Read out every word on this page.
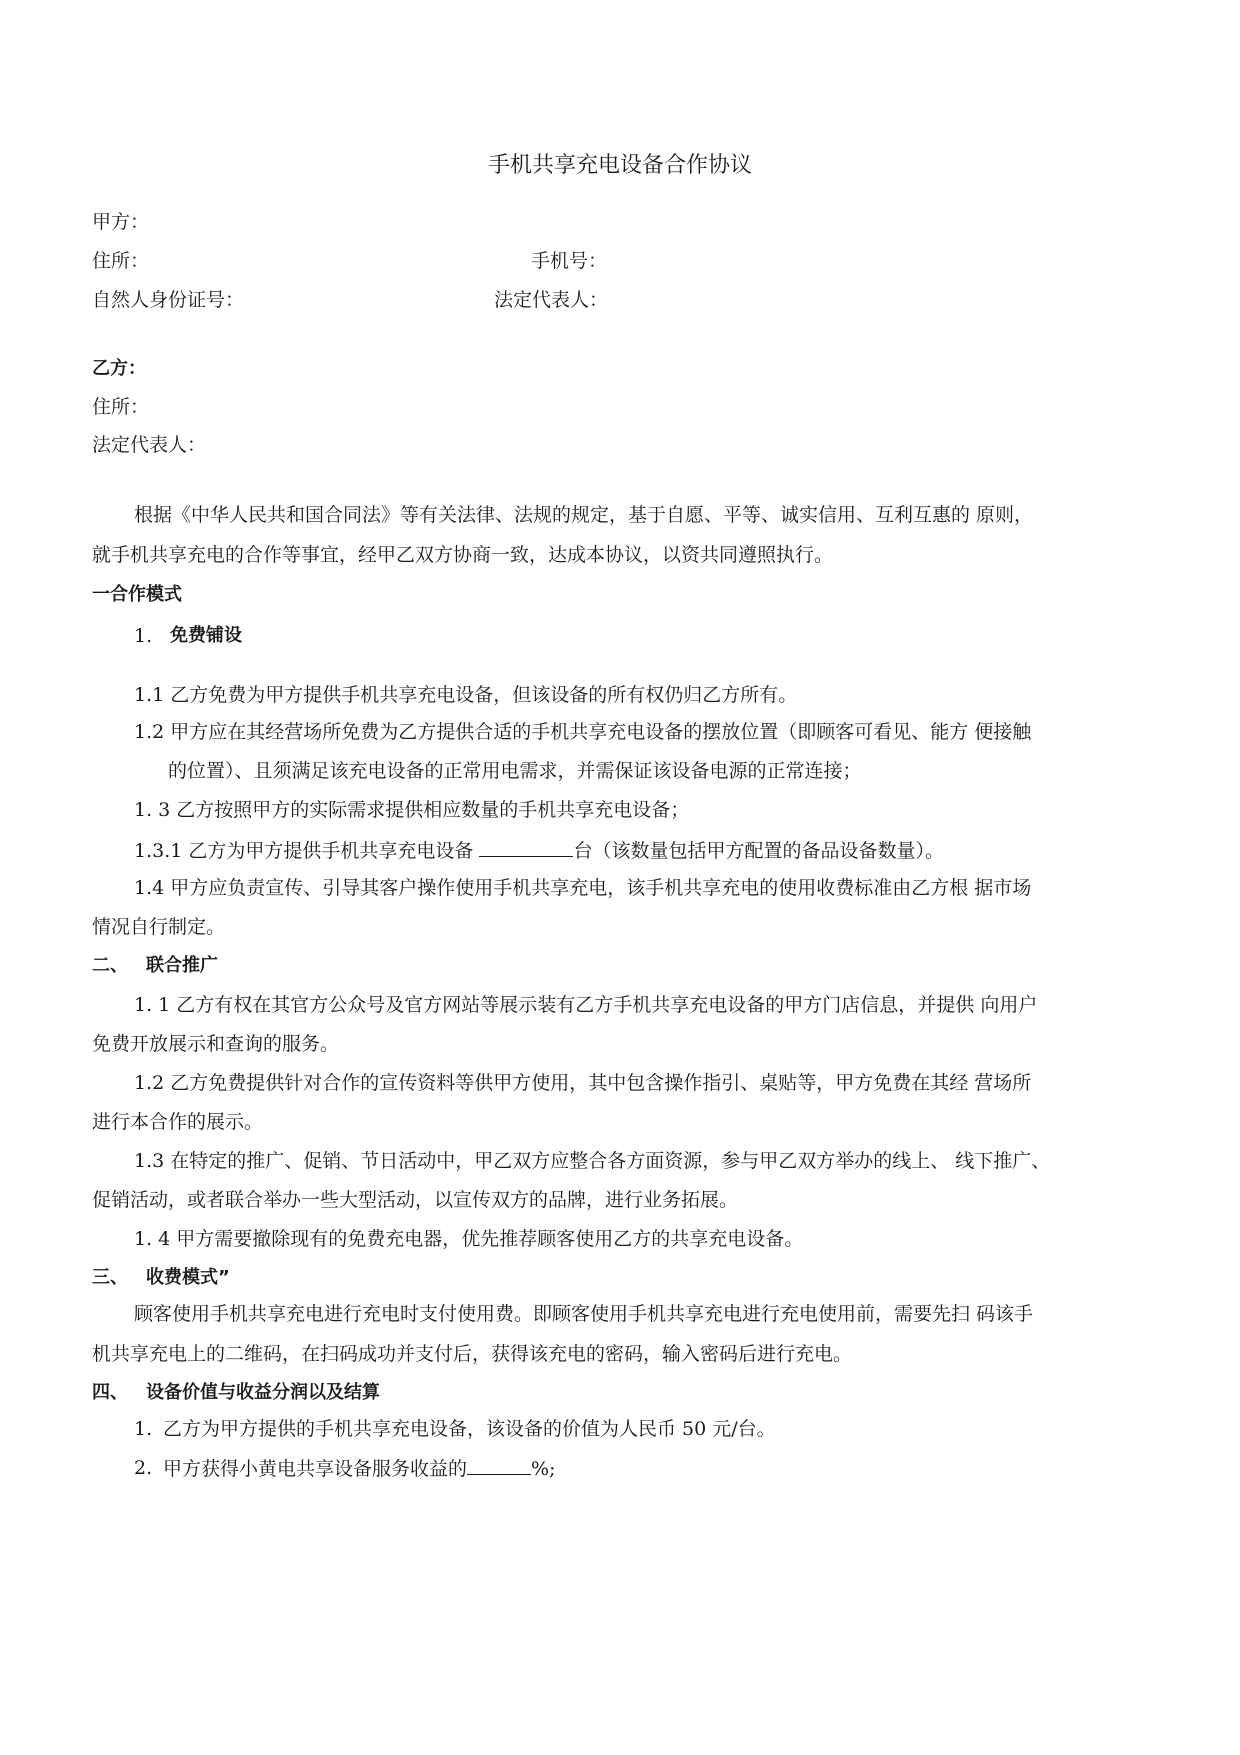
手机共享充电设备合作协议
甲方：
住所：	手机号：
自然人身份证号：	法定代表人：
乙方：
住所：
法定代表人：
根据《中华人民共和国合同法》等有关法律、法规的规定，基于自愿、平等、诚实信用、互利互惠的 原则，
就手机共享充电的合作等事宜，经甲乙双方协商一致，达成本协议，以资共同遵照执行。
一合作模式
1. 免费铺设
1.1 乙方免费为甲方提供手机共享充电设备，但该设备的所有权仍归乙方所有。
1.2 甲方应在其经营场所免费为乙方提供合适的手机共享充电设备的摆放位置（即顾客可看见、能方 便接触
的位置）、且须满足该充电设备的正常用电需求，并需保证该设备电源的正常连接；
1. 3 乙方按照甲方的实际需求提供相应数量的手机共享充电设备；
1.3.1 乙方为甲方提供手机共享充电设备	台（该数量包括甲方配置的备品设备数量）。
1.4 甲方应负责宣传、引导其客户操作使用手机共享充电，该手机共享充电的使用收费标准由乙方根 据市场
情况自行制定。
二、 联合推广
1. 1 乙方有权在其官方公众号及官方网站等展示装有乙方手机共享充电设备的甲方门店信息，并提供 向用户
免费开放展示和查询的服务。
1.2 乙方免费提供针对合作的宣传资料等供甲方使用，其中包含操作指引、桌贴等，甲方免费在其经 营场所
进行本合作的展示。
1.3 在特定的推广、促销、节日活动中，甲乙双方应整合各方面资源，参与甲乙双方举办的线上、 线下推广、
促销活动，或者联合举办一些大型活动，以宣传双方的品牌，进行业务拓展。
1. 4 甲方需要撤除现有的免费充电器，优先推荐顾客使用乙方的共享充电设备。
三、 收费模式”
顾客使用手机共享充电进行充电时支付使用费。即顾客使用手机共享充电进行充电使用前，需要先扫 码该手
机共享充电上的二维码，在扫码成功并支付后，获得该充电的密码，输入密码后进行充电。
四、 设备价值与收益分润以及结算
1. 乙方为甲方提供的手机共享充电设备，该设备的价值为人民币 50 元/台。
2. 甲方获得小黄电共享设备服务收益的	%;
